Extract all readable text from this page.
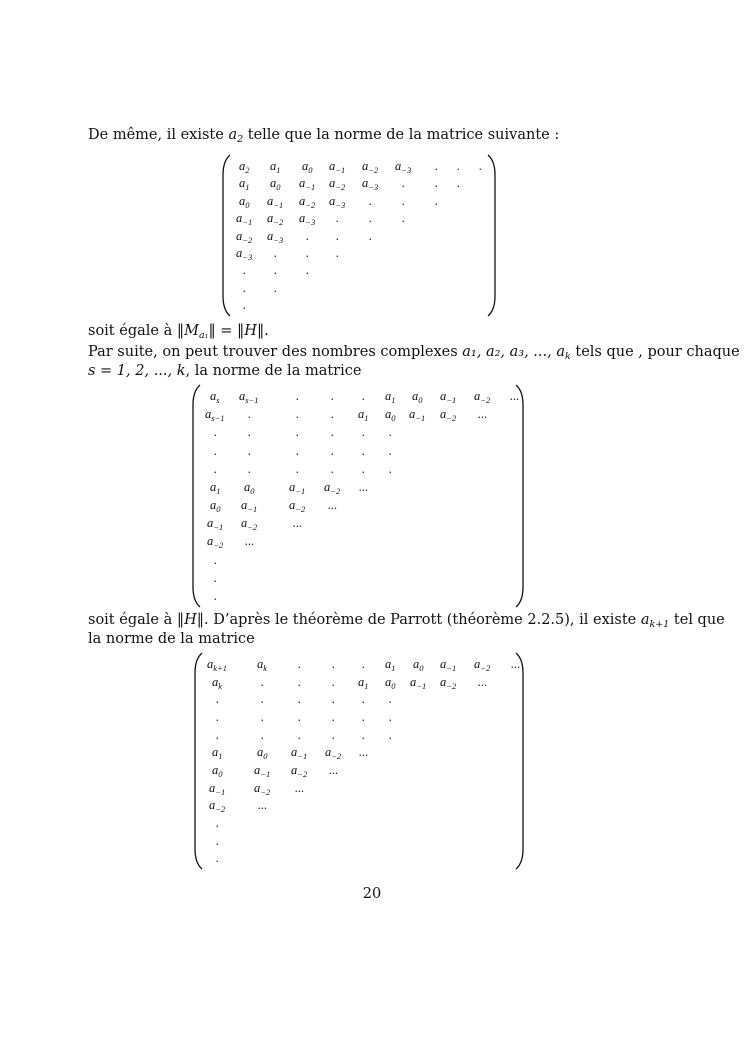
De même, il existe $a_2$ telle que la norme de la matrice suivante :
soit égale à $‖M_{a_1}‖$ = ‖H‖.
Par suite, on peut trouver des nombres complexes a₁, a₂, a₃, ..., $a_k$ tels que , pour chaque
s = 1, 2, ..., k, la norme de la matrice
soit égale à ‖H‖. D’après le théorème de Parrott (théorème 2.2.5), il existe $a_{k+1}$ tel que
la norme de la matrice
$a_2$ $a_1$ $a_0$ $a_{-1}$ $a_{-2}$ $a_{-3}$ . . .
$a_1$ $a_0$ $a_{-1}$ $a_{-2}$ $a_{-3}$ . . .
$a_0$ $a_{-1}$ $a_{-2}$ $a_{-3}$ . . .
$a_{-1}$ $a_{-2}$ $a_{-3}$ . . .
$a_{-2}$ $a_{-3}$ . . .
$a_{-3}$ . . .
. . .
. .
.
$a_s$ $a_{s-1}$	.	. . $a_1$ $a_0$ $a_{-1}$ $a_{-2}$ ...
$a_{s-1}$ .	.	. $a_1$ $a_0$ $a_{-1}$ $a_{-2}$ ...
. .	.	. . .
. .	.	. . .
. .	.	. . .
$a_1$ $a_0$	$a_{-1}$ $a_{-2}$ ...
$a_0$ $a_{-1}$	$a_{-2}$ ...
$a_{-1}$ $a_{-2}$	...
$a_{-2}$ ...
.
.
.
$a_{k+1}$ $a_k$ . . . $a_1$ $a_0$ $a_{-1}$ $a_{-2}$ ...
$a_k$	.	. . $a_1$ $a_0$ $a_{-1}$ $a_{-2}$ ...
.	.	. . . .
.	.	. . . .
.	.	. . . .
$a_1$	$a_0$ $a_{-1}$ $a_{-2}$ ...
$a_0$	$a_{-1}$ $a_{-2}$ ...
$a_{-1}$ $a_{-2}$ ...
$a_{-2}$	...
.
.
.
20
